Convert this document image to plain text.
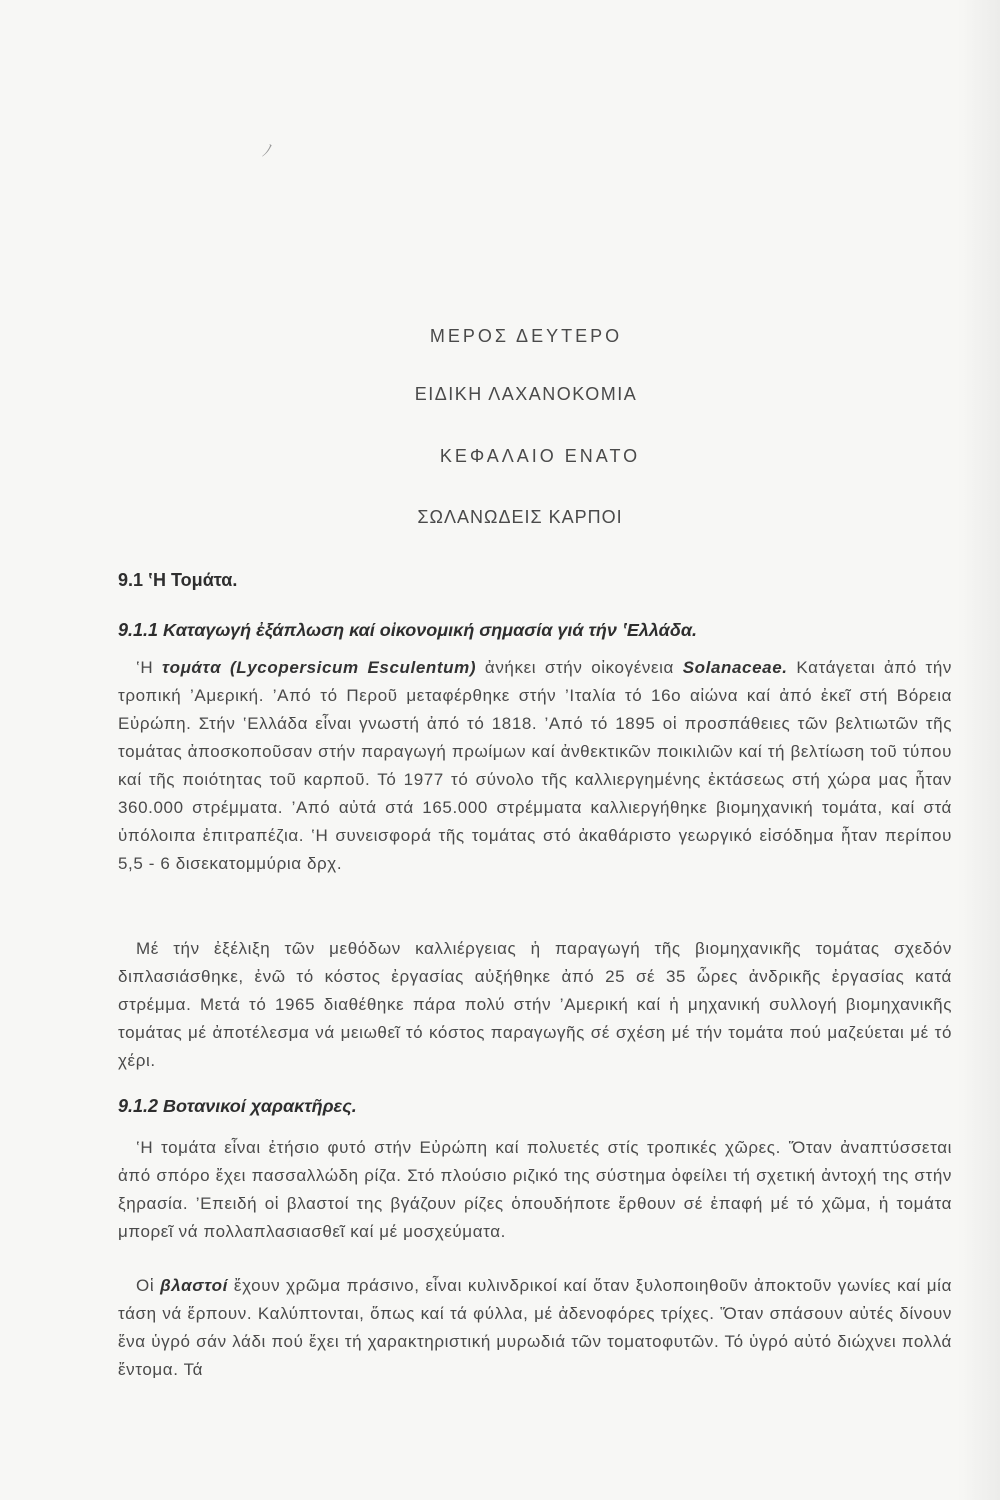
ﾉ
ΜΕΡΟΣ ΔΕΥΤΕΡΟ
ΕΙΔΙΚΗ ΛΑΧΑΝΟΚΟΜΙΑ
ΚΕΦΑΛΑΙΟ ΕΝΑΤΟ
ΣΩΛΑΝΩΔΕΙΣ ΚΑΡΠΟΙ
9.1 ‛Η Τομάτα.
9.1.1 Καταγωγή ἐξάπλωση καί οἰκονομική σημασία γιά τήν ‛Ελλάδα.

‛Η τομάτα (Lycopersicum Esculentum) ἀνήκει στήν οἰκογένεια Solanaceae. Κατάγεται ἀπό τήν τροπική ’Αμερική. ’Από τό Περοῦ μεταφέρθηκε στήν ’Ιταλία τό 16ο αἰώνα καί ἀπό ἐκεῖ στή Βόρεια Εὐρώπη. Στήν ‛Ελλάδα εἶναι γνωστή ἀπό τό 1818. ’Από τό 1895 οἱ προσπάθειες τῶν βελτιωτῶν τῆς τομάτας ἀποσκοποῦσαν στήν παραγωγή πρωίμων καί ἀνθεκτικῶν ποικιλιῶν καί τή βελτίωση τοῦ τύπου καί τῆς ποιότητας τοῦ καρποῦ. Τό 1977 τό σύνολο τῆς καλλιεργημένης ἐκτάσεως στή χώρα μας ἦταν 360.000 στρέμματα. ’Από αὐτά στά 165.000 στρέμματα καλλιεργήθηκε βιομηχανική τομάτα, καί στά ὑπόλοιπα ἐπιτραπέζια. ‛Η συνεισφορά τῆς τομάτας στό ἀκαθάριστο γεωργικό εἰσόδημα ἦταν περίπου 5,5 - 6 δισεκατομμύρια δρχ.

Μέ τήν ἐξέλιξη τῶν μεθόδων καλλιέργειας ἡ παραγωγή τῆς βιομηχανικῆς τομάτας σχεδόν διπλασιάσθηκε, ἐνῶ τό κόστος ἐργασίας αὐξήθηκε ἀπό 25 σέ 35 ὧρες ἀνδρικῆς ἐργασίας κατά στρέμμα. Μετά τό 1965 διαθέθηκε πάρα πολύ στήν ’Αμερική καί ἡ μηχανική συλλογή βιομηχανικῆς τομάτας μέ ἀποτέλεσμα νά μειωθεῖ τό κόστος παραγωγῆς σέ σχέση μέ τήν τομάτα πού μαζεύεται μέ τό χέρι.

9.1.2 Βοτανικοί χαρακτῆρες.

‛Η τομάτα εἶναι ἐτήσιο φυτό στήν Εὐρώπη καί πολυετές στίς τροπικές χῶρες. Ὅταν ἀναπτύσσεται ἀπό σπόρο ἔχει πασσαλλώδη ρίζα. Στό πλούσιο ριζικό της σύστημα ὀφείλει τή σχετική ἀντοχή της στήν ξηρασία. ’Επειδή οἱ βλαστοί της βγάζουν ρίζες ὁπουδήποτε ἔρθουν σέ ἐπαφή μέ τό χῶμα, ἡ τομάτα μπορεῖ νά πολλαπλασιασθεῖ καί μέ μοσχεύματα.

Οἱ βλαστοί ἔχουν χρῶμα πράσινο, εἶναι κυλινδρικοί καί ὅταν ξυλοποιηθοῦν ἀποκτοῦν γωνίες καί μία τάση νά ἕρπουν. Καλύπτονται, ὅπως καί τά φύλλα, μέ ἀδενοφόρες τρίχες. Ὅταν σπάσουν αὐτές δίνουν ἕνα ὑγρό σάν λάδι πού ἔχει τή χαρακτηριστική μυρωδιά τῶν τοματοφυτῶν. Τό ὑγρό αὐτό διώχνει πολλά ἔντομα. Τά
